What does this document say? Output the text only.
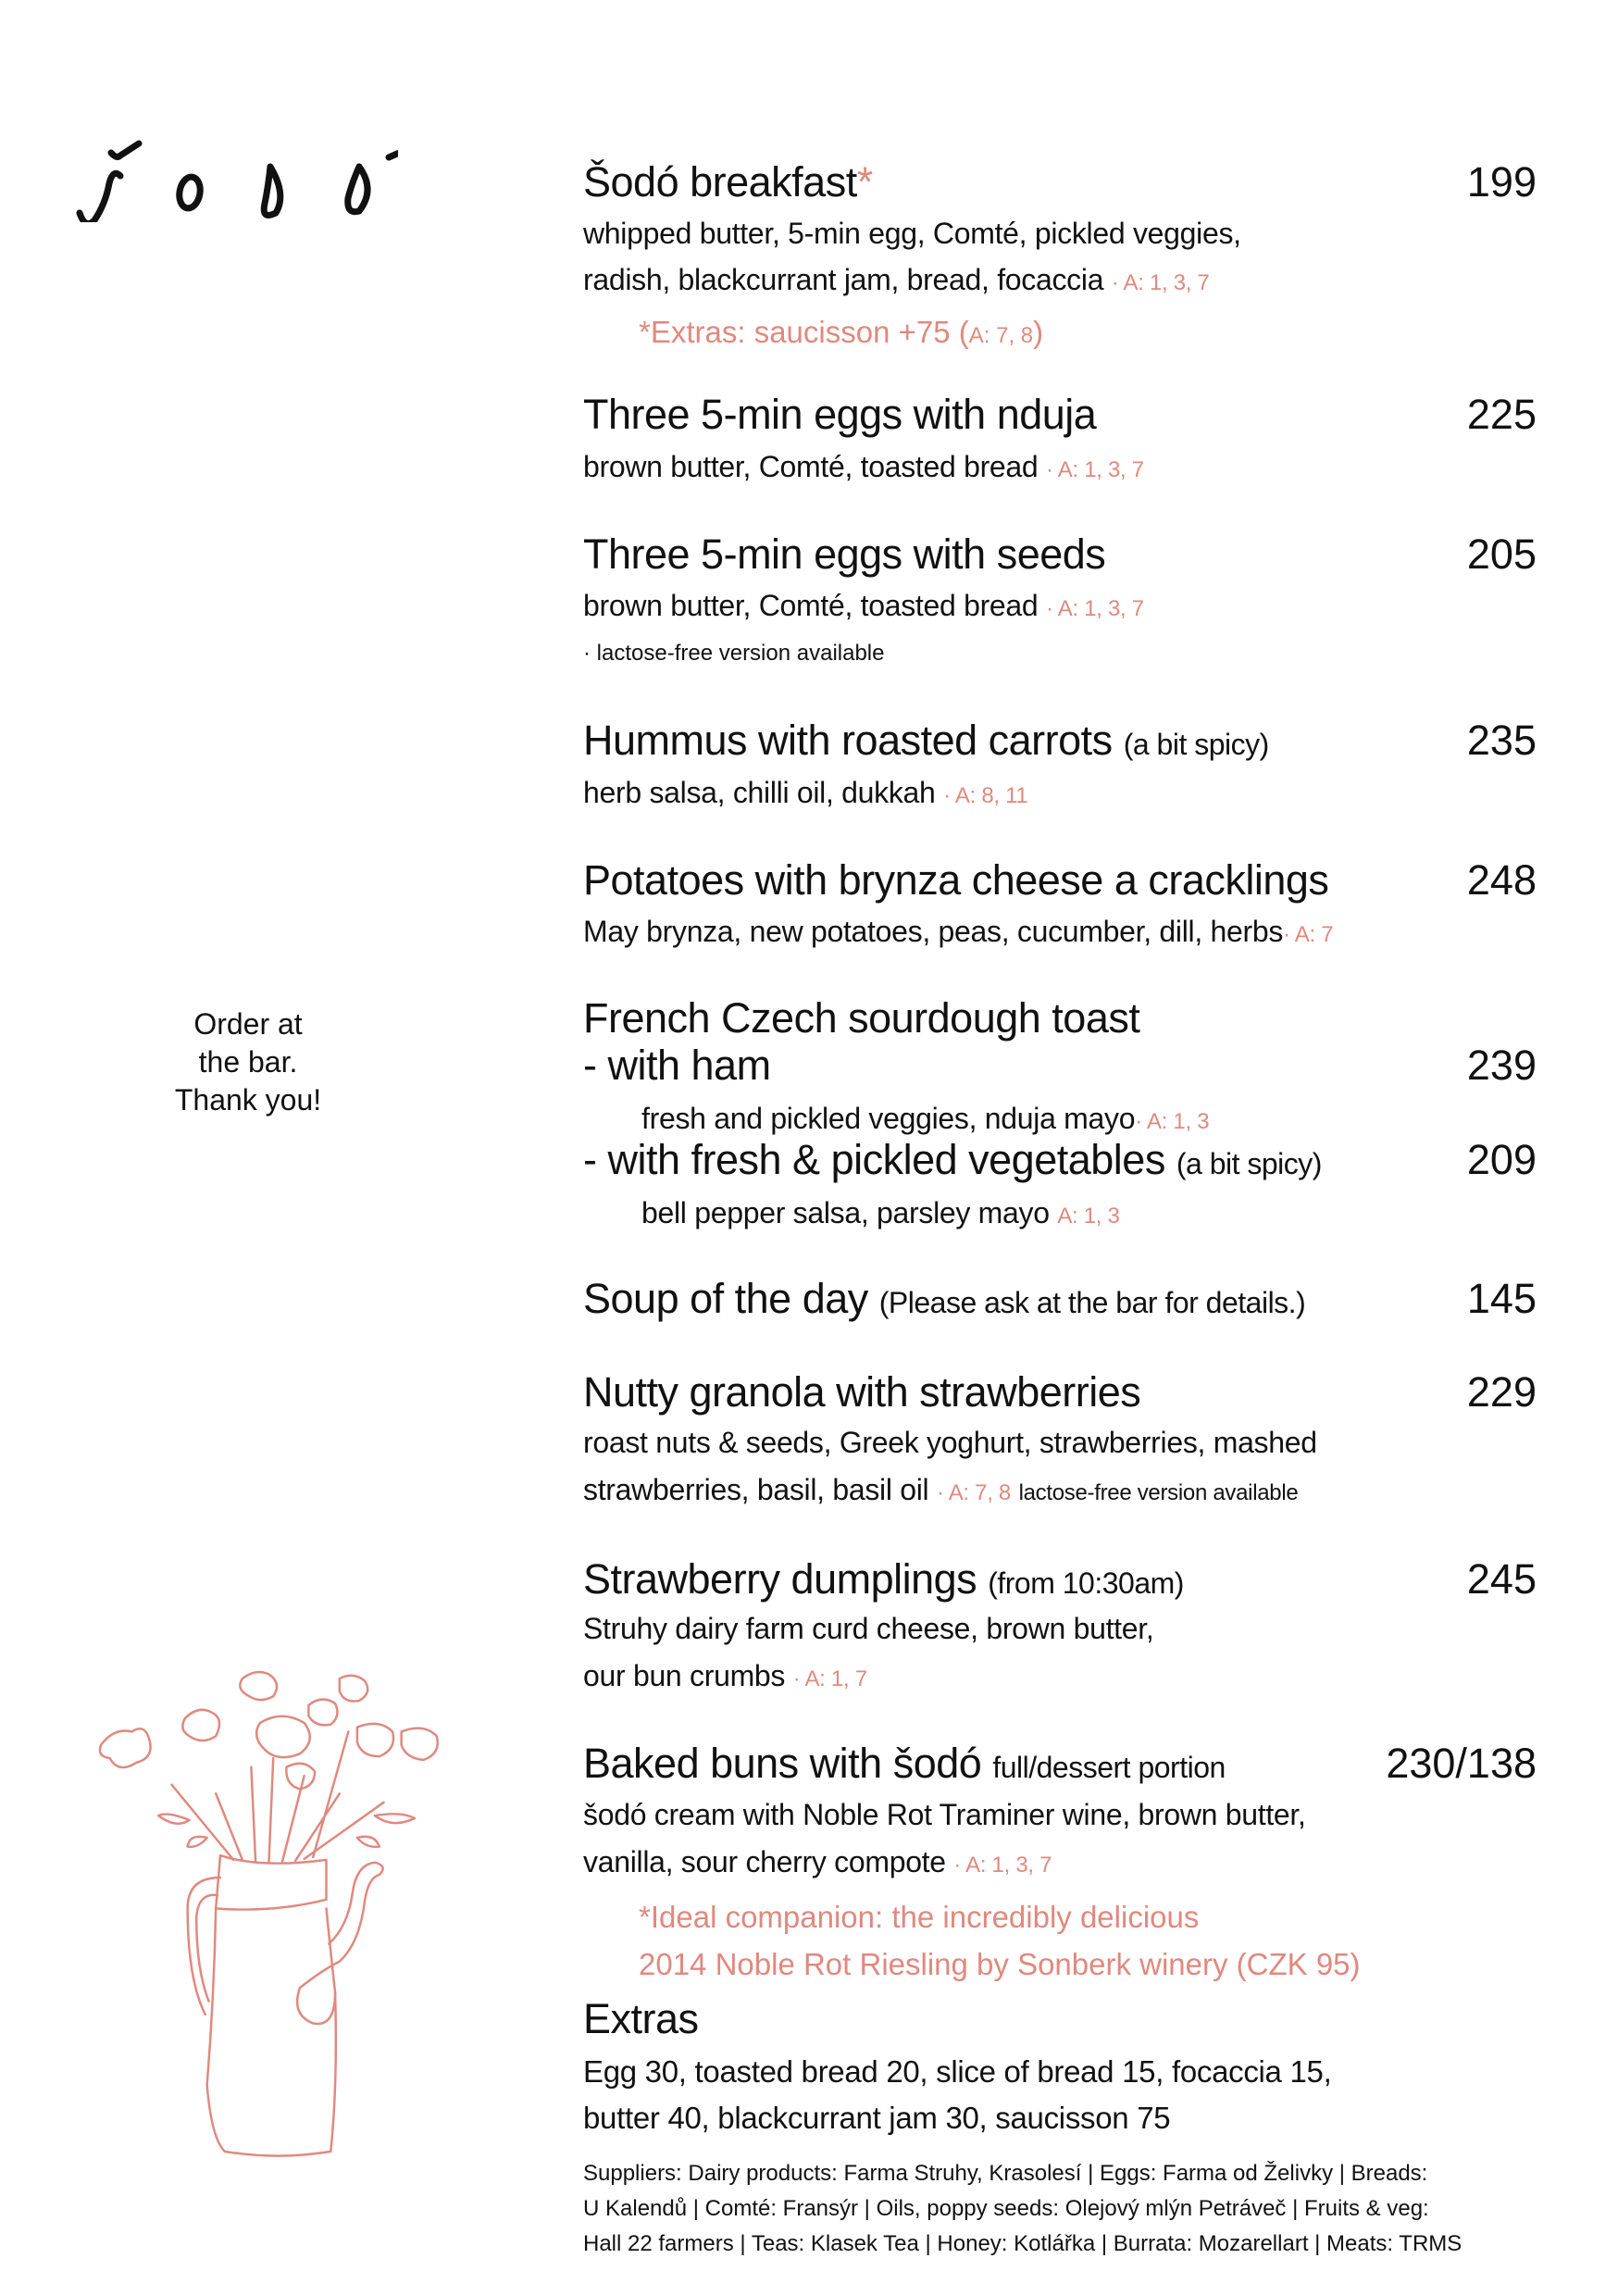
Order at
the bar.
Thank you!
Šodó breakfast*	199
whipped butter, 5-min egg, Comté, pickled veggies,
radish, blackcurrant jam, bread, focaccia · A: 1, 3, 7
*Extras: saucisson +75 (A: 7, 8)
Three 5-min eggs with nduja	225
brown butter, Comté, toasted bread · A: 1, 3, 7
Three 5-min eggs with seeds	205
brown butter, Comté, toasted bread · A: 1, 3, 7
· lactose-free version available
Hummus with roasted carrots (a bit spicy)	235
herb salsa, chilli oil, dukkah · A: 8, 11
Potatoes with brynza cheese a cracklings	248
May brynza, new potatoes, peas, cucumber, dill, herbs· A: 7
French Czech sourdough toast
- with ham	239
fresh and pickled veggies, nduja mayo· A: 1, 3
- with fresh & pickled vegetables (a bit spicy)	209
bell pepper salsa, parsley mayo A: 1, 3
Soup of the day (Please ask at the bar for details.)	145
Nutty granola with strawberries	229
roast nuts & seeds, Greek yoghurt, strawberries, mashed
strawberries, basil, basil oil · A: 7, 8 lactose-free version available
Strawberry dumplings (from 10:30am)	245
Struhy dairy farm curd cheese, brown butter,
our bun crumbs · A: 1, 7
Baked buns with šodó full/dessert portion	230/138
šodó cream with Noble Rot Traminer wine, brown butter,
vanilla, sour cherry compote · A: 1, 3, 7
*Ideal companion: the incredibly delicious
2014 Noble Rot Riesling by Sonberk winery (CZK 95)
Extras
Egg 30, toasted bread 20, slice of bread 15, focaccia 15,
butter 40, blackcurrant jam 30, saucisson 75
Suppliers: Dairy products: Farma Struhy, Krasolesí | Eggs: Farma od Želivky | Breads:
U Kalendů | Comté: Fransýr | Oils, poppy seeds: Olejový mlýn Petráveč | Fruits & veg:
Hall 22 farmers | Teas: Klasek Tea | Honey: Kotlářka | Burrata: Mozarellart | Meats: TRMS
